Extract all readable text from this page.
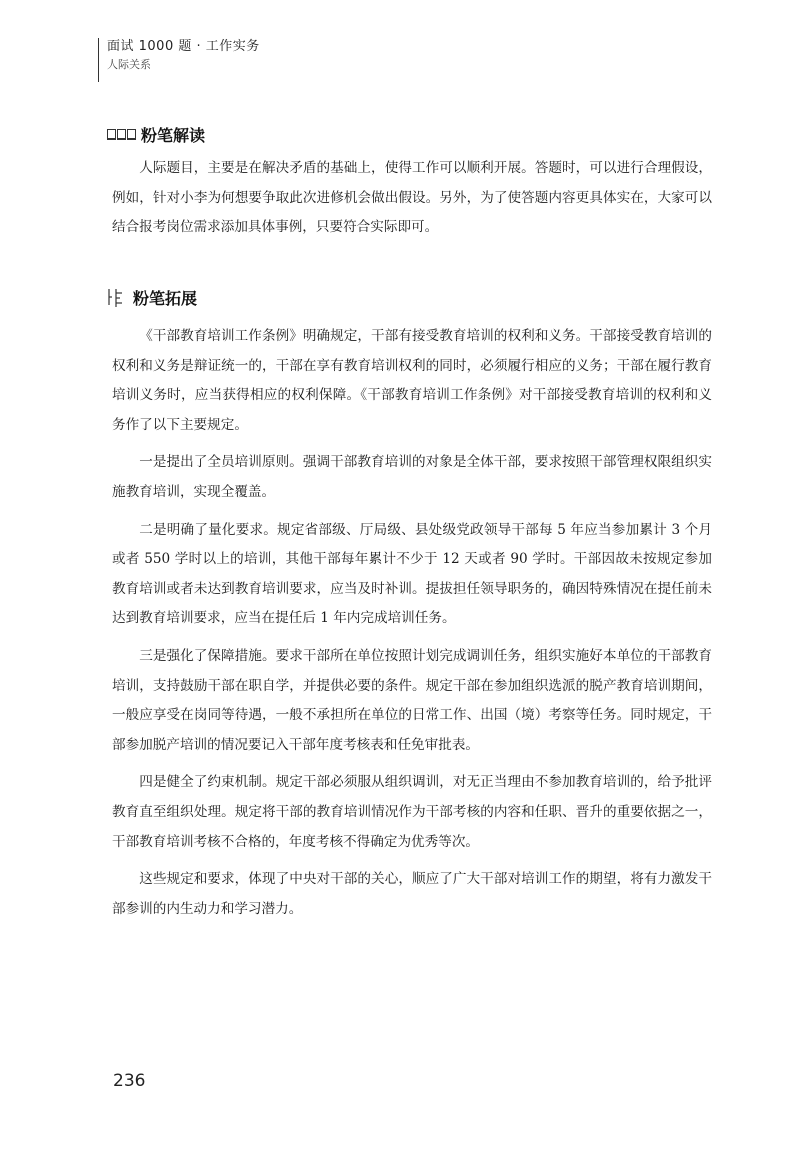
面试 1000 题 · 工作实务
人际关系
粉笔解读

人际题目，主要是在解决矛盾的基础上，使得工作可以顺利开展。答题时，可以进行合理假设，例如，针对小李为何想要争取此次进修机会做出假设。另外，为了使答题内容更具体实在，大家可以结合报考岗位需求添加具体事例，只要符合实际即可。

粉笔拓展

《干部教育培训工作条例》明确规定，干部有接受教育培训的权利和义务。干部接受教育培训的权利和义务是辩证统一的，干部在享有教育培训权利的同时，必须履行相应的义务；干部在履行教育培训义务时，应当获得相应的权利保障。《干部教育培训工作条例》对干部接受教育培训的权利和义务作了以下主要规定。

一是提出了全员培训原则。强调干部教育培训的对象是全体干部，要求按照干部管理权限组织实施教育培训，实现全覆盖。

二是明确了量化要求。规定省部级、厅局级、县处级党政领导干部每 5 年应当参加累计 3 个月或者 550 学时以上的培训，其他干部每年累计不少于 12 天或者 90 学时。干部因故未按规定参加教育培训或者未达到教育培训要求，应当及时补训。提拔担任领导职务的，确因特殊情况在提任前未达到教育培训要求，应当在提任后 1 年内完成培训任务。

三是强化了保障措施。要求干部所在单位按照计划完成调训任务，组织实施好本单位的干部教育培训，支持鼓励干部在职自学，并提供必要的条件。规定干部在参加组织选派的脱产教育培训期间，一般应享受在岗同等待遇，一般不承担所在单位的日常工作、出国（境）考察等任务。同时规定，干部参加脱产培训的情况要记入干部年度考核表和任免审批表。

四是健全了约束机制。规定干部必须服从组织调训，对无正当理由不参加教育培训的，给予批评教育直至组织处理。规定将干部的教育培训情况作为干部考核的内容和任职、晋升的重要依据之一，干部教育培训考核不合格的，年度考核不得确定为优秀等次。

这些规定和要求，体现了中央对干部的关心，顺应了广大干部对培训工作的期望，将有力激发干部参训的内生动力和学习潜力。

236
